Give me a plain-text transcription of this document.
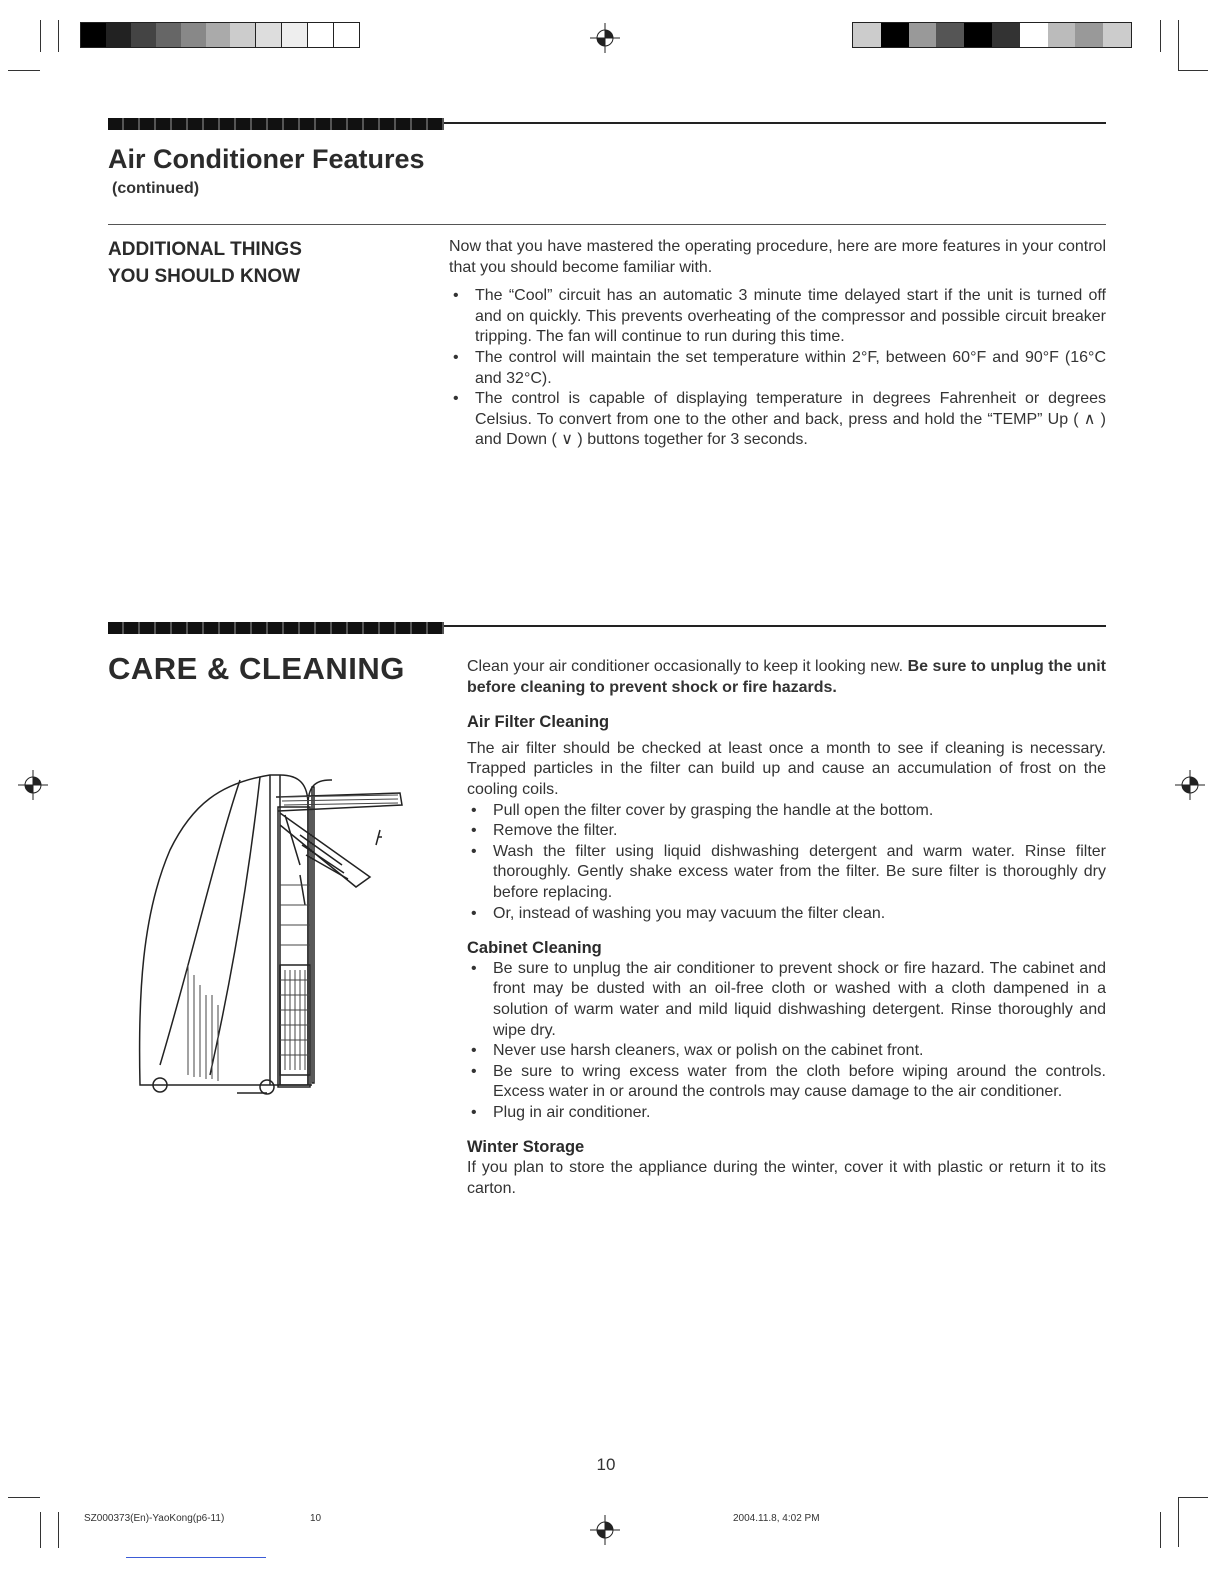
Air Conditioner Features
(continued)
ADDITIONAL THINGS
YOU SHOULD KNOW

Now that you have mastered the operating procedure, here are more features in your control that you should become familiar with.

• The “Cool” circuit has an automatic 3 minute time delayed start if the unit is turned off and on quickly. This prevents overheating of the compressor and possible circuit breaker tripping. The fan will continue to run during this time.
• The control will maintain the set temperature within 2°F, between 60°F and 90°F (16°C and 32°C).
• The control is capable of displaying temperature in degrees Fahrenheit or degrees Celsius. To convert from one to the other and back, press and hold the “TEMP” Up ( ∧ ) and Down ( ∨ ) buttons together for 3 seconds.
CARE & CLEANING	Clean your air conditioner occasionally to keep it looking new. Be sure to unplug the unit before cleaning to prevent shock or fire hazards.

Air Filter Cleaning

The air filter should be checked at least once a month to see if cleaning is necessary. Trapped particles in the filter can build up and cause an accumulation of frost on the cooling coils.

• Pull open the filter cover by grasping the handle at the bottom.
• Remove the filter.
• Wash the filter using liquid dishwashing detergent and warm water. Rinse filter thoroughly. Gently shake excess water from the filter. Be sure filter is thoroughly dry before replacing.
• Or, instead of washing you may vacuum the filter clean.
Cabinet Cleaning
• Be sure to unplug the air conditioner to prevent shock or fire hazard. The cabinet and front may be dusted with an oil-free cloth or washed with a cloth dampened in a solution of warm water and mild liquid dishwashing detergent. Rinse thoroughly and wipe dry.
• Never use harsh cleaners, wax or polish on the cabinet front.
• Be sure to wring excess water from the cloth before wiping around the controls. Excess water in or around the controls may cause damage to the air conditioner.
• Plug in air conditioner.
Winter Storage

If you plan to store the appliance during the winter, cover it with plastic or return it to its carton.

10
SZ000373(En)-YaoKong(p6-11)	10	2004.11.8, 4:02 PM
